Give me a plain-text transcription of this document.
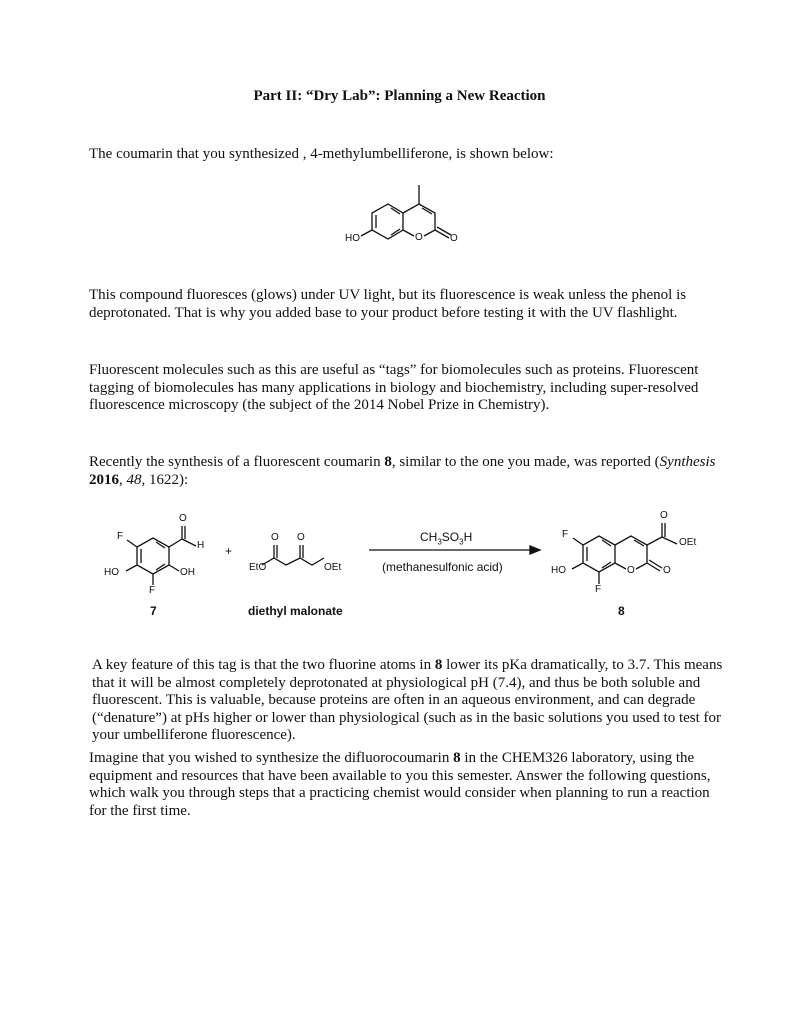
Part II: “Dry Lab”: Planning a New Reaction

The coumarin that you synthesized , 4-methylumbelliferone, is shown below:

HO	O	O

This compound fluoresces (glows) under UV light, but its fluorescence is weak unless the phenol is deprotonated. That is why you added base to your product before testing it with the UV flashlight.

Fluorescent molecules such as this are useful as “tags” for biomolecules such as proteins. Fluorescent tagging of biomolecules has many applications in biology and biochemistry, including super-resolved fluorescence microscopy (the subject of the 2014 Nobel Prize in Chemistry).

Recently the synthesis of a fluorescent coumarin 8, similar to the one you made, was reported (Synthesis 2016, 48, 1622):

F
HO	OH
F
H
O
+
EtO	OEt
O O	$CH_3SO_3H$
(methanesulfonic acid)
F
HO
F
OEt
O
O	O
7	diethyl malonate	8

A key feature of this tag is that the two fluorine atoms in 8 lower its pKa dramatically, to 3.7. This means that it will be almost completely deprotonated at physiological pH (7.4), and thus be both soluble and fluorescent. This is valuable, because proteins are often in an aqueous environment, and can degrade (“denature”) at pHs higher or lower than physiological (such as in the basic solutions you used to test for your umbelliferone fluorescence).

Imagine that you wished to synthesize the difluorocoumarin 8 in the CHEM326 laboratory, using the equipment and resources that have been available to you this semester. Answer the following questions, which walk you through steps that a practicing chemist would consider when planning to run a reaction for the first time.
